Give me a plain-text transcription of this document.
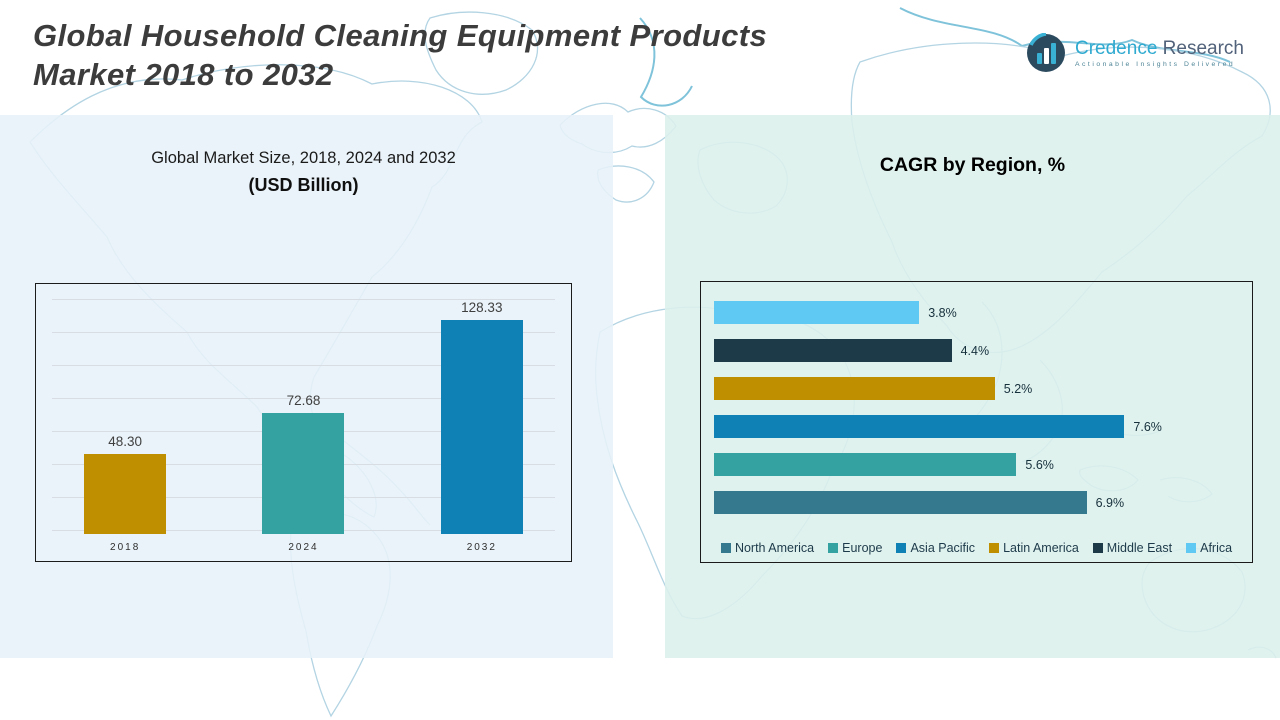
Global Household Cleaning Equipment Products
Market 2018 to 2032
Credence Research
Actionable Insights Delivered
Global Market Size, 2018, 2024 and 2032
(USD Billion)
48.30
72.68
128.33
2018	2024	2032
CAGR by Region, %
3.8%
4.4%
5.2%
7.6%
5.6%
6.9%
North America Europe Asia Pacific Latin America Middle East Africa
